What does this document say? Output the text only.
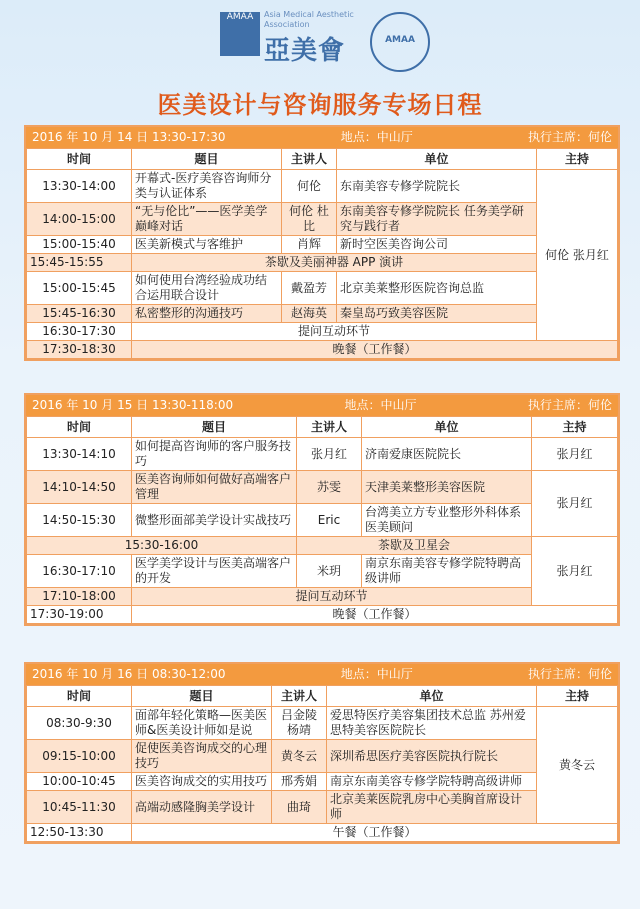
AMAA	Asia Medical Aesthetic Association
亞美會	AMAA
医美设计与咨询服务专场日程
2016 年 10 月 14 日 13:30-17:30	地点：中山厅	执行主席：何伦
时间	题目	主讲人	单位	主持
13:30-14:00	开幕式-医疗美容咨询师分类与认证体系	何伦	东南美容专修学院院长	何伦 张月红
14:00-15:00	“无与伦比”——医学美学巅峰对话	何伦 杜比	东南美容专修学院院长 任务美学研究与践行者	
15:00-15:40	医美新模式与客维护	肖辉	新时空医美咨询公司	
15:45-15:55	茶歇及美丽神器 APP 演讲			
15:00-15:45	如何使用台湾经验成功结合运用联合设计	戴盈芳	北京美莱整形医院咨询总监	
15:45-16:30	私密整形的沟通技巧	赵海英	秦皇岛巧致美容医院	
16:30-17:30	提问互动环节			
17:30-18:30	晚餐（工作餐）			
2016 年 10 月 15 日 13:30-118:00	地点：中山厅	执行主席：何伦
时间	题目	主讲人	单位	主持
13:30-14:10	如何提高咨询师的客户服务技巧	张月红	济南爱康医院院长	张月红
14:10-14:50	医美咨询师如何做好高端客户管理	苏雯	天津美莱整形美容医院	张月红
14:50-15:30	微整形面部美学设计实战技巧	Eric	台湾美立方专业整形外科体系医美顾问	
15:30-16:00		茶歇及卫星会		张月红
16:30-17:10	医学美学设计与医美高端客户的开发	米玥	南京东南美容专修学院特聘高级讲师	
17:10-18:00	提问互动环节			
17:30-19:00	晚餐（工作餐）			
2016 年 10 月 16 日 08:30-12:00	地点：中山厅	执行主席：何伦
时间	题目	主讲人	单位	主持
08:30-9:30	面部年轻化策略—医美医师&医美设计师如是说	吕金陵 杨靖	爱思特医疗美容集团技术总监 苏州爱思特美容医院院长	黄冬云
09:15-10:00	促使医美咨询成交的心理技巧	黄冬云	深圳希思医疗美容医院执行院长	
10:00-10:45	医美咨询成交的实用技巧	邢秀娟	南京东南美容专修学院特聘高级讲师	
10:45-11:30	高端动感隆胸美学设计	曲琦	北京美莱医院乳房中心美胸首席设计师	
12:50-13:30	午餐（工作餐）			
